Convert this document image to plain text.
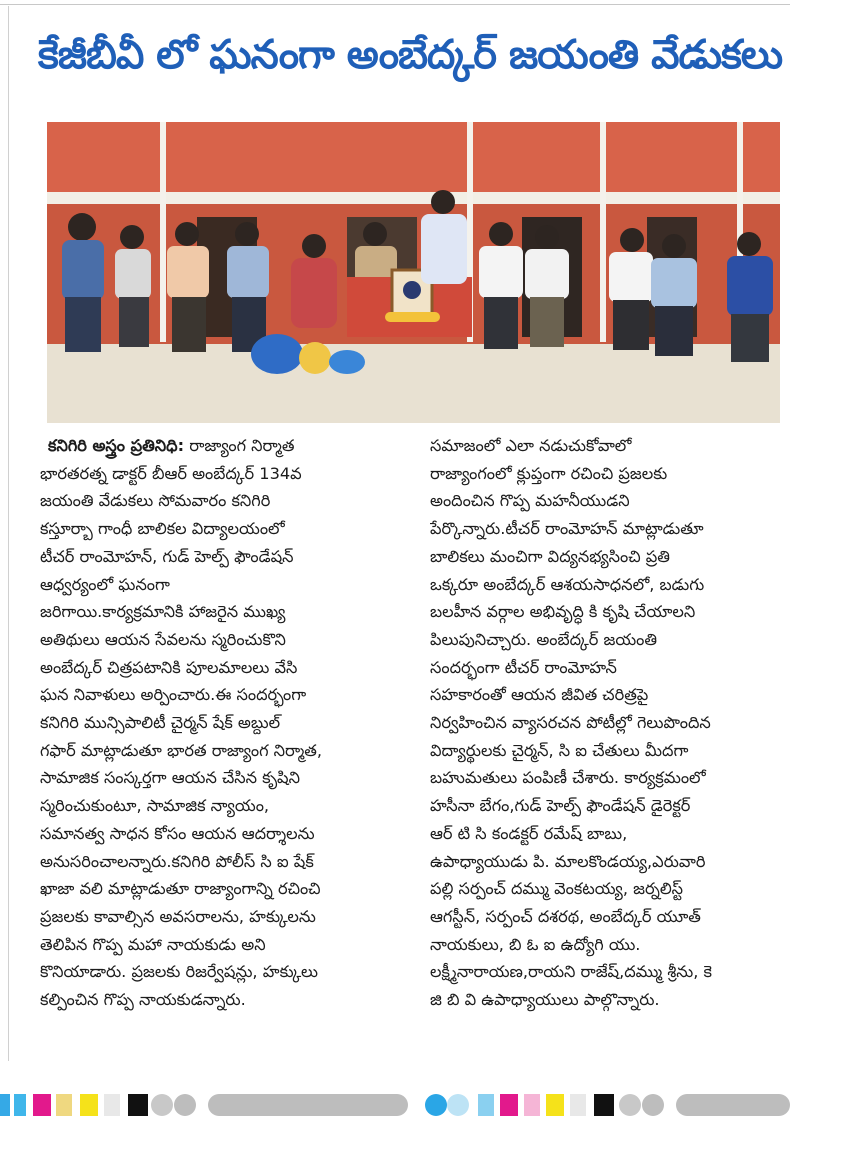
కేజీబీవీ లో ఘనంగా అంబేద్కర్ జయంతి వేడుకలు

కనిగిరి అస్త్రం ప్రతినిధి: రాజ్యాంగ నిర్మాత

భారతరత్న డాక్టర్ బీఆర్ అంబేద్కర్ 134వ

జయంతి వేడుకలు సోమవారం కనిగిరి

కస్తూర్బా గాంధీ బాలికల విద్యాలయంలో

టీచర్ రాంమోహన్, గుడ్ హెల్ప్ ఫౌండేషన్

ఆధ్వర్యంలో ఘనంగా

జరిగాయి.కార్యక్రమానికి హాజరైన ముఖ్య

అతిథులు ఆయన సేవలను స్మరించుకొని

అంబేద్కర్ చిత్రపటానికి పూలమాలలు వేసి

ఘన నివాళులు అర్పించారు.ఈ సందర్భంగా

కనిగిరి మున్సిపాలిటీ చైర్మన్ షేక్ అబ్దుల్

గఫార్ మాట్లాడుతూ భారత రాజ్యాంగ నిర్మాత,

సామాజిక సంస్కర్తగా ఆయన చేసిన కృషిని

స్మరించుకుంటూ, సామాజిక న్యాయం,

సమానత్వ సాధన కోసం ఆయన ఆదర్శాలను

అనుసరించాలన్నారు.కనిగిరి పోలీస్ సి ఐ షేక్

ఖాజా వలి మాట్లాడుతూ రాజ్యాంగాన్ని రచించి

ప్రజలకు కావాల్సిన అవసరాలను, హక్కులను

తెలిపిన గొప్ప మహా నాయకుడు అని

కొనియాడారు. ప్రజలకు రిజర్వేషన్లు, హక్కులు

కల్పించిన గొప్ప నాయకుడన్నారు.

సమాజంలో ఎలా నడుచుకోవాలో

రాజ్యాంగంలో క్లుప్తంగా రచించి ప్రజలకు

అందించిన గొప్ప మహనీయుడని

పేర్కొన్నారు.టీచర్ రాంమోహన్ మాట్లాడుతూ

బాలికలు మంచిగా విద్యనభ్యసించి ప్రతి

ఒక్కరూ అంబేద్కర్ ఆశయసాధనలో, బడుగు

బలహీన వర్గాల అభివృద్ధి కి కృషి చేయాలని

పిలుపునిచ్చారు. అంబేద్కర్ జయంతి

సందర్భంగా టీచర్ రాంమోహన్

సహకారంతో ఆయన జీవిత చరిత్రపై

నిర్వహించిన వ్యాసరచన పోటీల్లో గెలుపొందిన

విద్యార్థులకు చైర్మన్, సి ఐ చేతులు మీదగా

బహుమతులు పంపిణీ చేశారు. కార్యక్రమంలో

హసీనా బేగం,గుడ్ హెల్ప్ ఫౌండేషన్ డైరెక్టర్

ఆర్ టి సి కండక్టర్ రమేష్ బాబు,

ఉపాధ్యాయుడు పి. మాలకొండయ్య,ఎరువారి

పల్లి సర్పంచ్ దమ్ము వెంకటయ్య, జర్నలిస్ట్

ఆగస్టీన్, సర్పంచ్ దశరథ, అంబేద్కర్ యూత్

నాయకులు, బి ఓ ఐ ఉద్యోగి యు.

లక్ష్మీనారాయణ,రాయని రాజేష్,దమ్ము శ్రీను, కె

జి బి వి ఉపాధ్యాయులు పాల్గొన్నారు.
